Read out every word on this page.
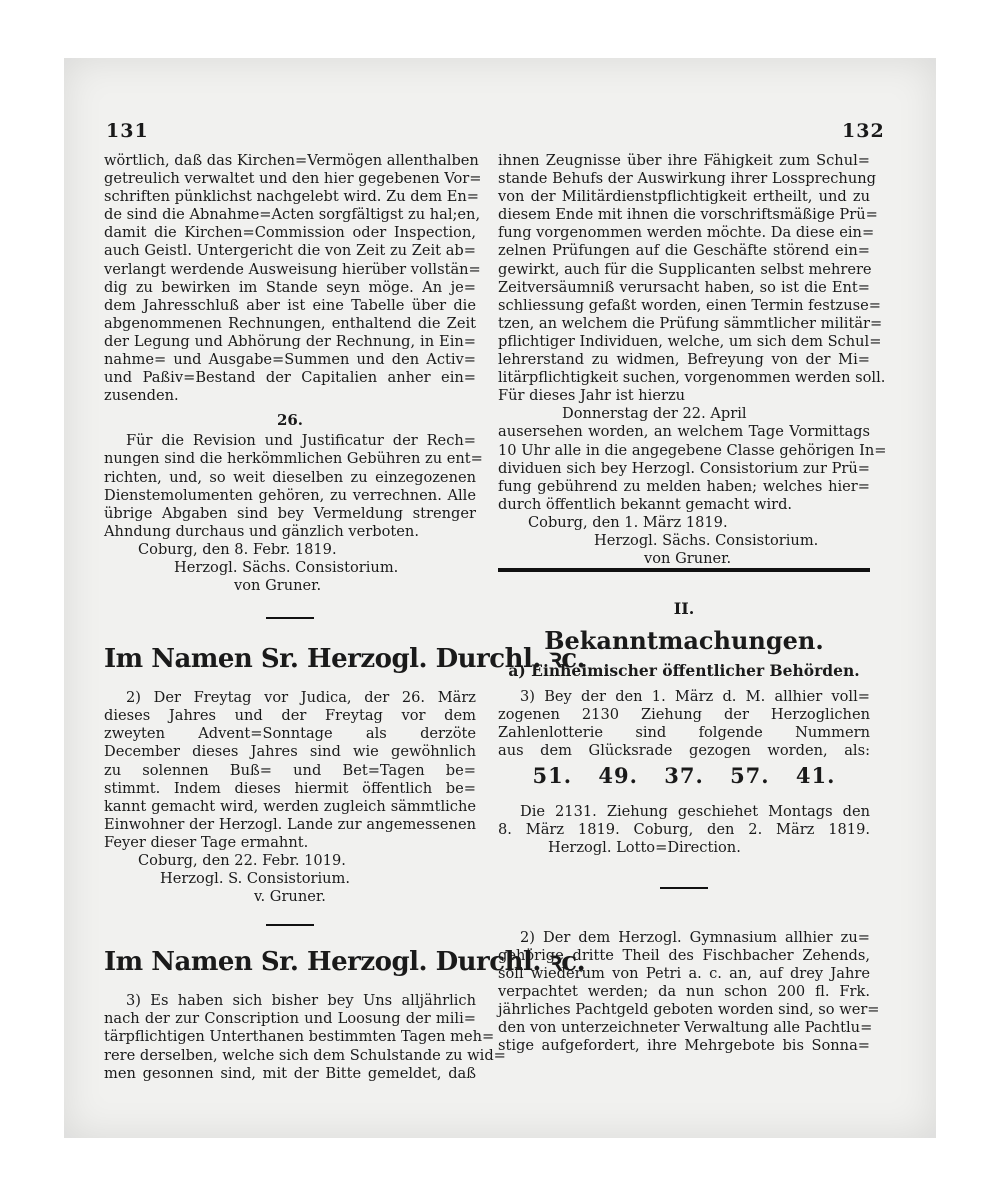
131	132
wörtlich, daß das Kirchen=Vermögen allenthalben
getreulich verwaltet und den hier gegebenen Vor=
schriften pünklichst nachgelebt wird. Zu dem En=
de sind die Abnahme=Acten sorgfältigst zu hal;en,
damit die Kirchen=Commission oder Inspection,
auch Geistl. Untergericht die von Zeit zu Zeit ab=
verlangt werdende Ausweisung hierüber vollstän=
dig zu bewirken im Stande seyn möge. An je=
dem Jahresschluß aber ist eine Tabelle über die
abgenommenen Rechnungen, enthaltend die Zeit
der Legung und Abhörung der Rechnung, in Ein=
nahme= und Ausgabe=Summen und den Activ=
und Paßiv=Bestand der Capitalien anher ein=
zusenden.
26.
Für die Revision und Justificatur der Rech=
nungen sind die herkömmlichen Gebühren zu ent=
richten, und, so weit dieselben zu einzegozenen
Dienstemolumenten gehören, zu verrechnen. Alle
übrige Abgaben sind bey Vermeldung strenger
Ahndung durchaus und gänzlich verboten.
Coburg, den 8. Febr. 1819.
Herzogl. Sächs. Consistorium.
von Gruner.
Im Namen Sr. Herzogl. Durchl. ꝛc.
2) Der Freytag vor Judica, der 26. März
dieses Jahres und der Freytag vor dem
zweyten Advent=Sonntage als derzöte
December dieses Jahres sind wie gewöhnlich
zu solennen Buß= und Bet=Tagen be=
stimmt. Indem dieses hiermit öffentlich be=
kannt gemacht wird, werden zugleich sämmtliche
Einwohner der Herzogl. Lande zur angemessenen
Feyer dieser Tage ermahnt.
Coburg, den 22. Febr. 1019.
Herzogl. S. Consistorium.
v. Gruner.
Im Namen Sr. Herzogl. Durchl. ꝛc.
3) Es haben sich bisher bey Uns alljährlich
nach der zur Conscription und Loosung der mili=
tärpflichtigen Unterthanen bestimmten Tagen meh=
rere derselben, welche sich dem Schulstande zu wid=
men gesonnen sind, mit der Bitte gemeldet, daß
ihnen Zeugnisse über ihre Fähigkeit zum Schul=
stande Behufs der Auswirkung ihrer Lossprechung
von der Militärdienstpflichtigkeit ertheilt, und zu
diesem Ende mit ihnen die vorschriftsmäßige Prü=
fung vorgenommen werden möchte. Da diese ein=
zelnen Prüfungen auf die Geschäfte störend ein=
gewirkt, auch für die Supplicanten selbst mehrere
Zeitversäumniß verursacht haben, so ist die Ent=
schliessung gefaßt worden, einen Termin festzuse=
tzen, an welchem die Prüfung sämmtlicher militär=
pflichtiger Individuen, welche, um sich dem Schul=
lehrerstand zu widmen, Befreyung von der Mi=
litärpflichtigkeit suchen, vorgenommen werden soll.
Für dieses Jahr ist hierzu
Donnerstag der 22. April
ausersehen worden, an welchem Tage Vormittags
10 Uhr alle in die angegebene Classe gehörigen In=
dividuen sich bey Herzogl. Consistorium zur Prü=
fung gebührend zu melden haben; welches hier=
durch öffentlich bekannt gemacht wird.
Coburg, den 1. März 1819.
Herzogl. Sächs. Consistorium.
von Gruner.
II.
Bekanntmachungen.
a) Einheimischer öffentlicher Behörden.
3) Bey der den 1. März d. M. allhier voll=
zogenen 2130 Ziehung der Herzoglichen
Zahlenlotterie sind folgende Nummern
aus dem Glücksrade gezogen worden, als:
51. 49. 37. 57. 41.
Die 2131. Ziehung geschiehet Montags den
8. März 1819. Coburg, den 2. März 1819.
Herzogl. Lotto=Direction.
2) Der dem Herzogl. Gymnasium allhier zu=
gehörige dritte Theil des Fischbacher Zehends,
soll wiederum von Petri a. c. an, auf drey Jahre
verpachtet werden; da nun schon 200 fl. Frk.
jährliches Pachtgeld geboten worden sind, so wer=
den von unterzeichneter Verwaltung alle Pachtlu=
stige aufgefordert, ihre Mehrgebote bis Sonna=
